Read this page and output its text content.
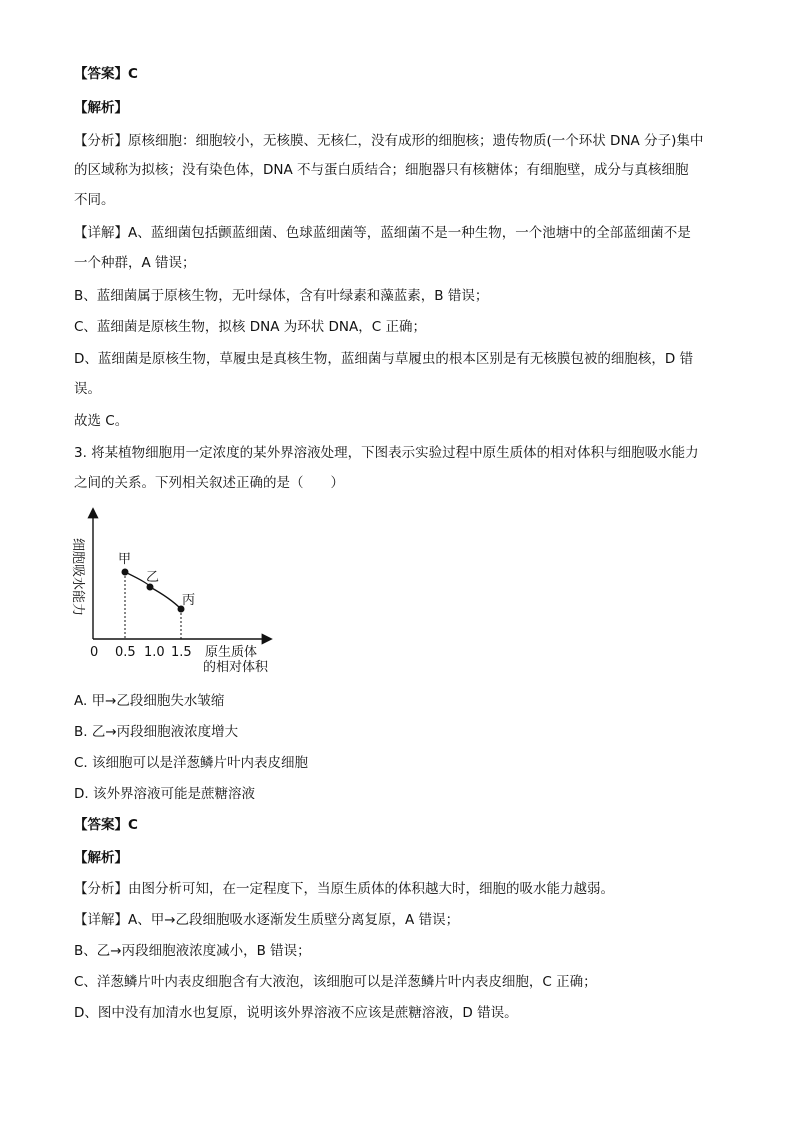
【答案】C
【解析】
【分析】原核细胞：细胞较小，无核膜、无核仁，没有成形的细胞核；遗传物质(一个环状 DNA 分子)集中
的区域称为拟核；没有染色体，DNA 不与蛋白质结合；细胞器只有核糖体；有细胞壁，成分与真核细胞
不同。
【详解】A、蓝细菌包括颤蓝细菌、色球蓝细菌等，蓝细菌不是一种生物，一个池塘中的全部蓝细菌不是
一个种群，A 错误；
B、蓝细菌属于原核生物，无叶绿体，含有叶绿素和藻蓝素，B 错误；
C、蓝细菌是原核生物，拟核 DNA 为环状 DNA，C 正确；
D、蓝细菌是原核生物，草履虫是真核生物，蓝细菌与草履虫的根本区别是有无核膜包被的细胞核，D 错
误。
故选 C。
3. 将某植物细胞用一定浓度的某外界溶液处理，下图表示实验过程中原生质体的相对体积与细胞吸水能力
之间的关系。下列相关叙述正确的是（　　）
细胞吸水能力	甲
乙
丙
0 0.5 1.0 1.5 原生质体
的相对体积
A. 甲→乙段细胞失水皱缩
B. 乙→丙段细胞液浓度增大
C. 该细胞可以是洋葱鳞片叶内表皮细胞
D. 该外界溶液可能是蔗糖溶液
【答案】C
【解析】
【分析】由图分析可知，在一定程度下，当原生质体的体积越大时，细胞的吸水能力越弱。
【详解】A、甲→乙段细胞吸水逐渐发生质壁分离复原，A 错误；
B、乙→丙段细胞液浓度减小，B 错误；
C、洋葱鳞片叶内表皮细胞含有大液泡，该细胞可以是洋葱鳞片叶内表皮细胞，C 正确；
D、图中没有加清水也复原，说明该外界溶液不应该是蔗糖溶液，D 错误。
